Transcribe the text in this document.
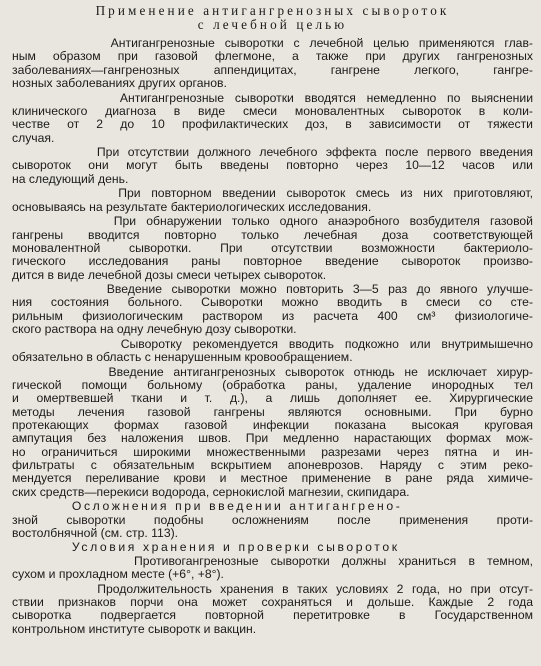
Применение антигангренозных сывороток
с лечебной целью
Антигангренозные сыворотки с лечебной целью применяются глав-
ным образом при газовой флегмоне, а также при других гангренозных
заболеваниях—гангренозных аппендицитах, гангрене легкого, гангре-
нозных заболеваниях других органов.
Антигангренозные сыворотки вводятся немедленно по выяснении
клинического диагноза в виде смеси моновалентных сывороток в коли-
честве от 2 до 10 профилактических доз, в зависимости от тяжести
случая.
При отсутствии должного лечебного эффекта после первого введения
сывороток они могут быть введены повторно через 10—12 часов или
на следующий день.
При повторном введении сывороток смесь из них приготовляют,
основываясь на результате бактериологических исследования.
При обнаружении только одного анаэробного возбудителя газовой
гангрены вводится повторно только лечебная доза соответствующей
моновалентной сыворотки. При отсутствии возможности бактериоло-
гического исследования раны повторное введение сывороток произво-
дится в виде лечебной дозы смеси четырех сывороток.
Введение сыворотки можно повторить 3—5 раз до явного улучше-
ния состояния больного. Сыворотки можно вводить в смеси со сте-
рильным физиологическим раствором из расчета 400 см³ физиологиче-
ского раствора на одну лечебную дозу сыворотки.
Сыворотку рекомендуется вводить подкожно или внутримышечно
обязательно в область с ненарушенным кровообращением.
Введение антигангренозных сывороток отнюдь не исключает хирур-
гической помощи больному (обработка раны, удаление инородных тел
и омертвевшей ткани и т. д.), а лишь дополняет ее. Хирургические
методы лечения газовой гангрены являются основными. При бурно
протекающих формах газовой инфекции показана высокая круговая
ампутация без наложения швов. При медленно нарастающих формах мож-
но ограничиться широкими множественными разрезами через пятна и ин-
фильтраты с обязательным вскрытием апоневрозов. Наряду с этим реко-
мендуется переливание крови и местное применение в ране ряда химиче-
ских средств—перекиси водорода, сернокислой магнезии, скипидара.
Осложнения при введении антигангрено-
зной сыворотки подобны осложнениям после применения проти-
востолбнячной (см. стр. 113).
Условия хранения и проверки сывороток
Противогангренозные сыворотки должны храниться в темном,
сухом и прохладном месте (+6°, +8°).
Продолжительность хранения в таких условиях 2 года, но при отсут-
ствии признаков порчи она может сохраняться и дольше. Каждые 2 года
сыворотка подвергается повторной перетитровке в Государственном
контрольном институте сыворотк и вакцин.
